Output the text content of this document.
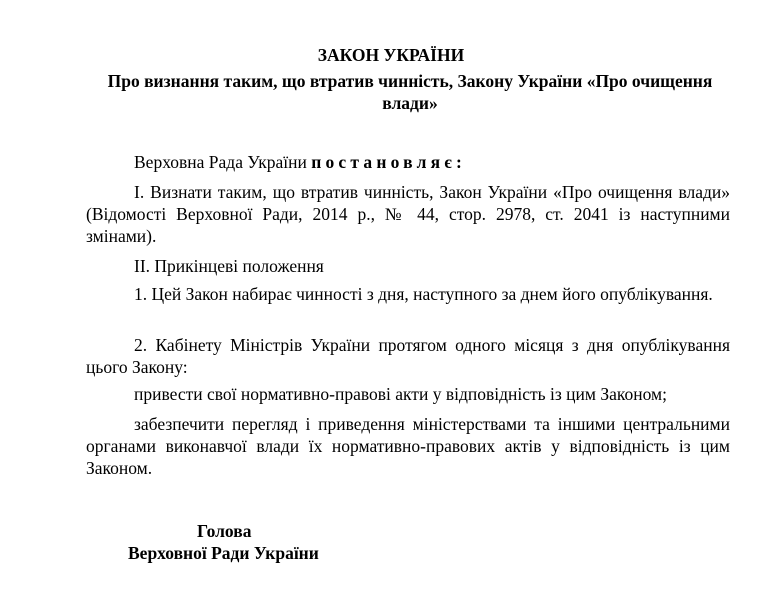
ЗАКОН УКРАЇНИ
Про визнання таким, що втратив чинність, Закону України «Про очищення влади»

Верховна Рада України постановляє:

І. Визнати таким, що втратив чинність, Закон України «Про очищення влади» (Відомості Верховної Ради, 2014 р., № 44, стор. 2978, ст. 2041 із наступними змінами).

ІІ. Прикінцеві положення

1. Цей Закон набирає чинності з дня, наступного за днем його опублікування.

2. Кабінету Міністрів України протягом одного місяця з дня опублікування цього Закону:

привести свої нормативно-правові акти у відповідність із цим Законом;

забезпечити перегляд і приведення міністерствами та іншими центральними органами виконавчої влади їх нормативно-правових актів у відповідність із цим Законом.

Голова

Верховної Ради України
